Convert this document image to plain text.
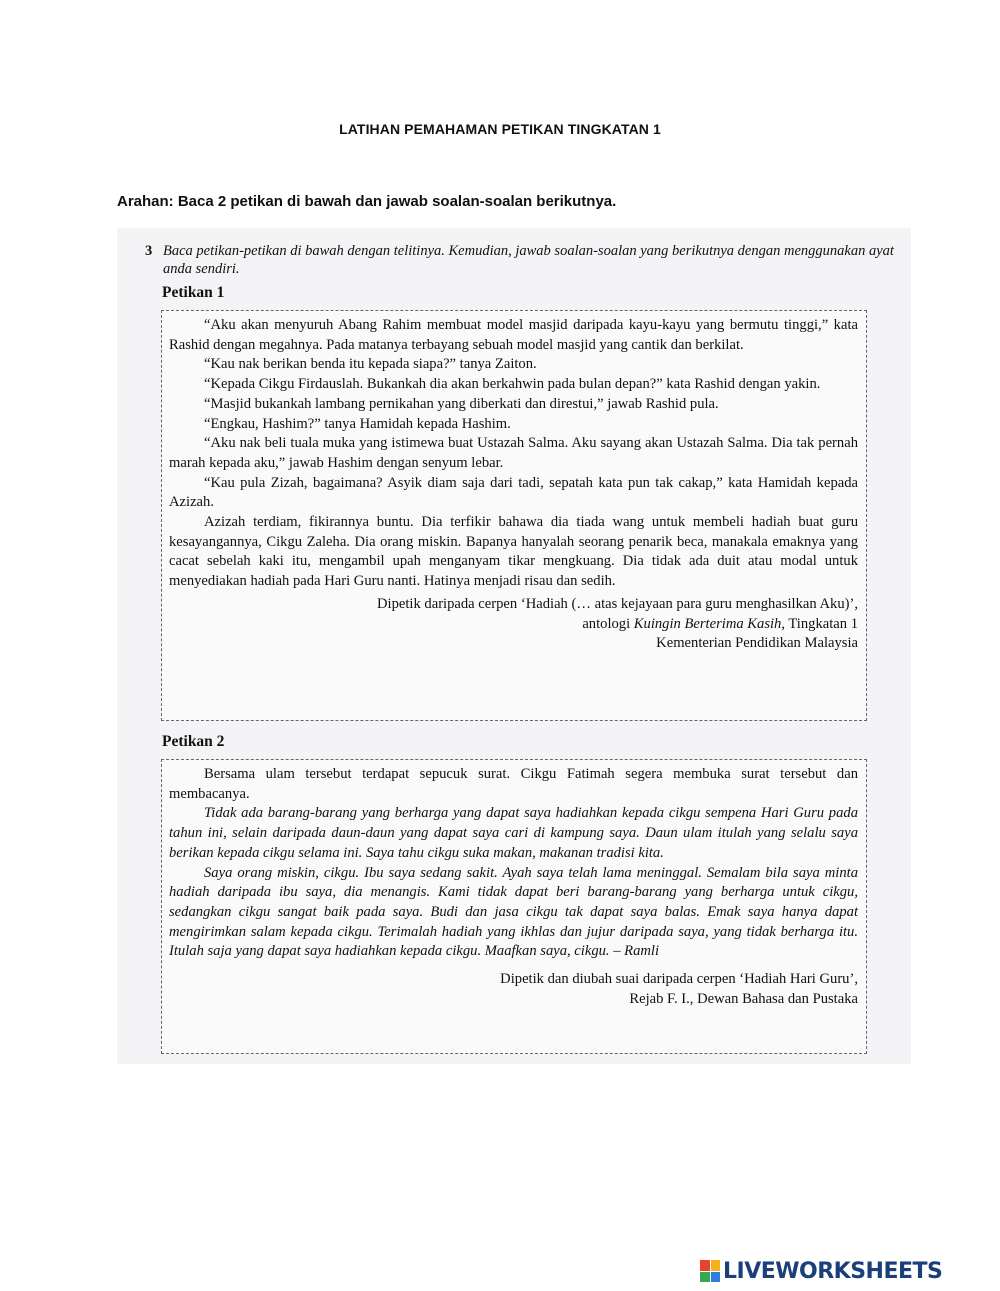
LATIHAN PEMAHAMAN PETIKAN TINGKATAN 1
Arahan: Baca 2 petikan di bawah dan jawab soalan-soalan berikutnya.
3 Baca petikan-petikan di bawah dengan telitinya. Kemudian, jawab soalan-soalan yang berikutnya dengan menggunakan ayat anda sendiri.
Petikan 1

“Aku akan menyuruh Abang Rahim membuat model masjid daripada kayu-kayu yang bermutu tinggi,” kata Rashid dengan megahnya. Pada matanya terbayang sebuah model masjid yang cantik dan berkilat.

“Kau nak berikan benda itu kepada siapa?” tanya Zaiton.

“Kepada Cikgu Firdauslah. Bukankah dia akan berkahwin pada bulan depan?” kata Rashid dengan yakin.

“Masjid bukankah lambang pernikahan yang diberkati dan direstui,” jawab Rashid pula.

“Engkau, Hashim?” tanya Hamidah kepada Hashim.

“Aku nak beli tuala muka yang istimewa buat Ustazah Salma. Aku sayang akan Ustazah Salma. Dia tak pernah marah kepada aku,” jawab Hashim dengan senyum lebar.

“Kau pula Zizah, bagaimana? Asyik diam saja dari tadi, sepatah kata pun tak cakap,” kata Hamidah kepada Azizah.

Azizah terdiam, fikirannya buntu. Dia terfikir bahawa dia tiada wang untuk membeli hadiah buat guru kesayangannya, Cikgu Zaleha. Dia orang miskin. Bapanya hanyalah seorang penarik beca, manakala emaknya yang cacat sebelah kaki itu, mengambil upah menganyam tikar mengkuang. Dia tidak ada duit atau modal untuk menyediakan hadiah pada Hari Guru nanti. Hatinya menjadi risau dan sedih.

Dipetik daripada cerpen ‘Hadiah (… atas kejayaan para guru menghasilkan Aku)’,
antologi Kuingin Berterima Kasih, Tingkatan 1
Kementerian Pendidikan Malaysia
Petikan 2

Bersama ulam tersebut terdapat sepucuk surat. Cikgu Fatimah segera membuka surat tersebut dan membacanya.

Tidak ada barang-barang yang berharga yang dapat saya hadiahkan kepada cikgu sempena Hari Guru pada tahun ini, selain daripada daun-daun yang dapat saya cari di kampung saya. Daun ulam itulah yang selalu saya berikan kepada cikgu selama ini. Saya tahu cikgu suka makan, makanan tradisi kita.

Saya orang miskin, cikgu. Ibu saya sedang sakit. Ayah saya telah lama meninggal. Semalam bila saya minta hadiah daripada ibu saya, dia menangis. Kami tidak dapat beri barang-barang yang berharga untuk cikgu, sedangkan cikgu sangat baik pada saya. Budi dan jasa cikgu tak dapat saya balas. Emak saya hanya dapat mengirimkan salam kepada cikgu. Terimalah hadiah yang ikhlas dan jujur daripada saya, yang tidak berharga itu. Itulah saja yang dapat saya hadiahkan kepada cikgu. Maafkan saya, cikgu. – Ramli

Dipetik dan diubah suai daripada cerpen ‘Hadiah Hari Guru’,
Rejab F. I., Dewan Bahasa dan Pustaka
LIVEWORKSHEETS
